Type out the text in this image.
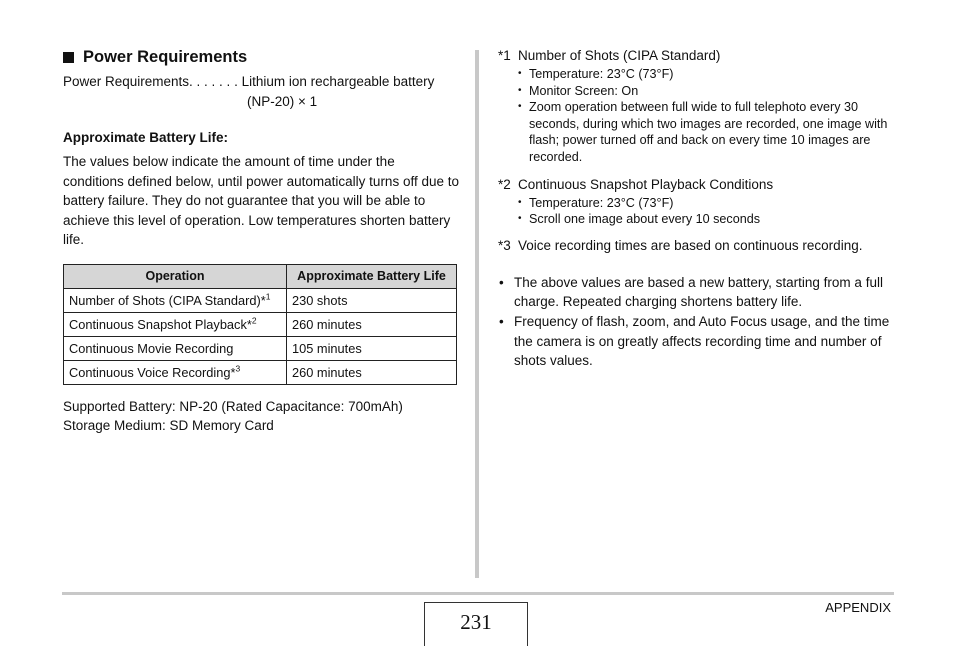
Power Requirements
Power Requirements. . . . . . . Lithium ion rechargeable battery
(NP-20) × 1
Approximate Battery Life:

The values below indicate the amount of time under the conditions defined below, until power automatically turns off due to battery failure. They do not guarantee that you will be able to achieve this level of operation. Low temperatures shorten battery life.

Operation	Approximate Battery Life
Number of Shots (CIPA Standard)*$^1$	230 shots
Continuous Snapshot Playback*$^2$	260 minutes
Continuous Movie Recording	105 minutes
Continuous Voice Recording*$^3$	260 minutes
Supported Battery: NP-20 (Rated Capacitance: 700mAh)
Storage Medium: SD Memory Card
*1 Number of Shots (CIPA Standard)
• Temperature: 23°C (73°F)
• Monitor Screen: On
• Zoom operation between full wide to full telephoto every 30 seconds, during which two images are recorded, one image with flash; power turned off and back on every time 10 images are recorded.
*2 Continuous Snapshot Playback Conditions
• Temperature: 23°C (73°F)
• Scroll one image about every 10 seconds
*3 Voice recording times are based on continuous recording.
• The above values are based a new battery, starting from a full charge. Repeated charging shortens battery life.
• Frequency of flash, zoom, and Auto Focus usage, and the time the camera is on greatly affects recording time and number of shots values.
APPENDIX
231
